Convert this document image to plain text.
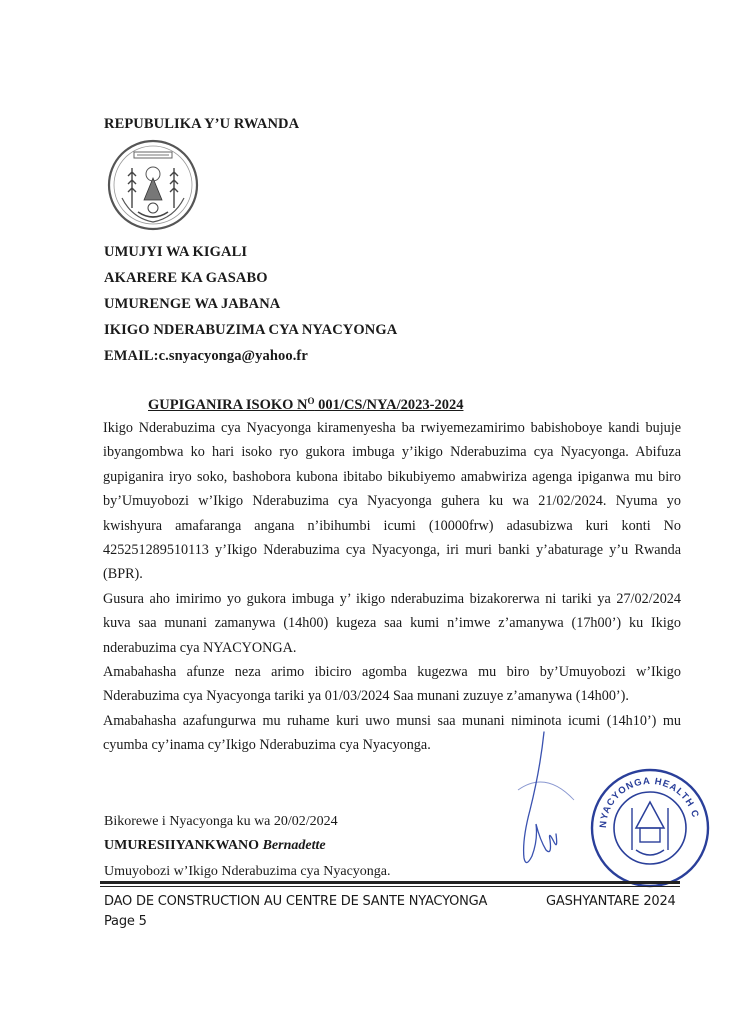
REPUBULIKA Y’U RWANDA
UMUJYI WA KIGALI
AKARERE KA GASABO
UMURENGE WA JABANA
IKIGO NDERABUZIMA CYA NYACYONGA
EMAIL:c.snyacyonga@yahoo.fr
GUPIGANIRA ISOKO $N^O$ 001/CS/NYA/2023-2024

Ikigo Nderabuzima cya Nyacyonga kiramenyesha ba rwiyemezamirimo babishoboye kandi bujuje ibyangombwa ko hari isoko ryo gukora imbuga y’ikigo Nderabuzima cya Nyacyonga. Abifuza gupiganira iryo soko, bashobora kubona ibitabo bikubiyemo amabwiriza agenga ipiganwa mu biro by’Umuyobozi w’Ikigo Nderabuzima cya Nyacyonga guhera ku wa 21/02/2024. Nyuma yo kwishyura amafaranga angana n’ibihumbi icumi (10000frw) adasubizwa kuri konti No 425251289510113 y’Ikigo Nderabuzima cya Nyacyonga, iri muri banki y’abaturage y’u Rwanda (BPR).

Gusura aho imirimo yo gukora imbuga y’ ikigo nderabuzima bizakorerwa ni tariki ya 27/02/2024 kuva saa munani zamanywa (14h00) kugeza saa kumi n’imwe z’amanywa (17h00’) ku Ikigo nderabuzima cya NYACYONGA.

Amabahasha afunze neza arimo ibiciro agomba kugezwa mu biro by’Umuyobozi w’Ikigo Nderabuzima cya Nyacyonga tariki ya 01/03/2024 Saa munani zuzuye z’amanywa (14h00’).

Amabahasha azafungurwa mu ruhame kuri uwo munsi saa munani niminota icumi (14h10’) mu cyumba cy’inama cy’Ikigo Nderabuzima cya Nyacyonga.

Bikorewe i Nyacyonga ku wa 20/02/2024
UMURESIIYANKWANO Bernadette
Umuyobozi w’Ikigo Nderabuzima cya Nyacyonga.
NYACYONGA HEALTH C
DAO DE CONSTRUCTION AU CENTRE DE SANTE NYACYONGA	GASHYANTARE 2024
Page 5
